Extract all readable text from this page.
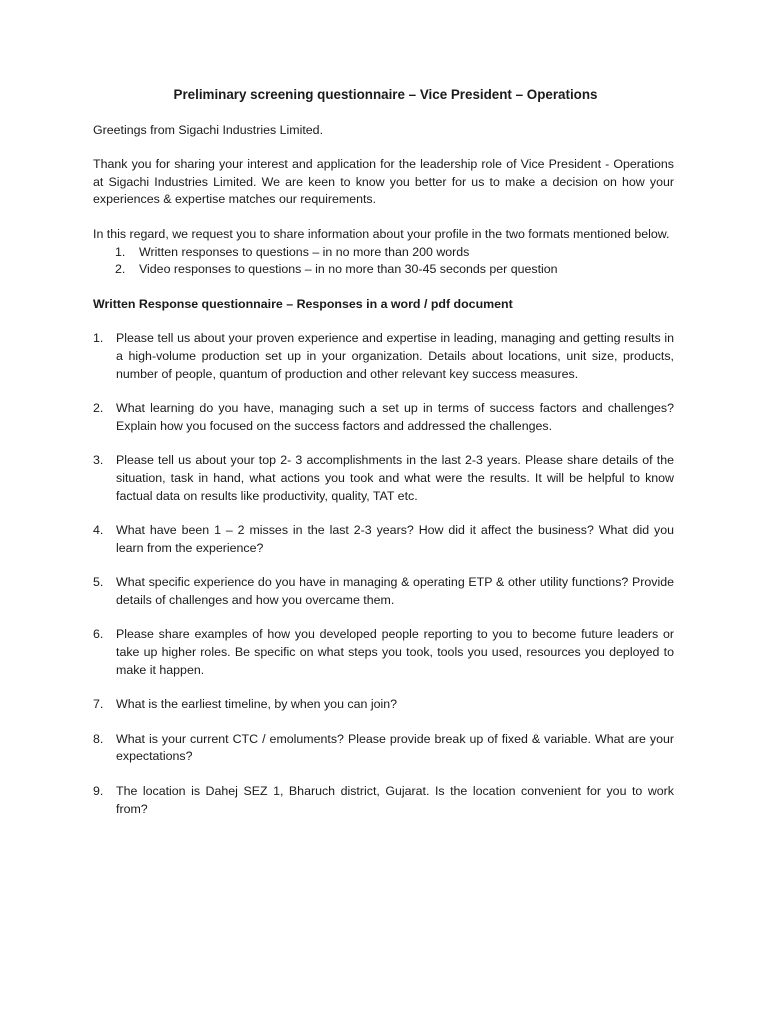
Preliminary screening questionnaire – Vice President – Operations

Greetings from Sigachi Industries Limited.

Thank you for sharing your interest and application for the leadership role of Vice President - Operations at Sigachi Industries Limited. We are keen to know you better for us to make a decision on how your experiences & expertise matches our requirements.

In this regard, we request you to share information about your profile in the two formats mentioned below.

1. Written responses to questions – in no more than 200 words
2. Video responses to questions – in no more than 30-45 seconds per question
Written Response questionnaire – Responses in a word / pdf document
1. Please tell us about your proven experience and expertise in leading, managing and getting results in a high-volume production set up in your organization. Details about locations, unit size, products, number of people, quantum of production and other relevant key success measures.
2. What learning do you have, managing such a set up in terms of success factors and challenges? Explain how you focused on the success factors and addressed the challenges.
3. Please tell us about your top 2- 3 accomplishments in the last 2-3 years. Please share details of the situation, task in hand, what actions you took and what were the results. It will be helpful to know factual data on results like productivity, quality, TAT etc.
4. What have been 1 – 2 misses in the last 2-3 years? How did it affect the business? What did you learn from the experience?
5. What specific experience do you have in managing & operating ETP & other utility functions? Provide details of challenges and how you overcame them.
6. Please share examples of how you developed people reporting to you to become future leaders or take up higher roles. Be specific on what steps you took, tools you used, resources you deployed to make it happen.
7. What is the earliest timeline, by when you can join?
8. What is your current CTC / emoluments? Please provide break up of fixed & variable. What are your expectations?
9. The location is Dahej SEZ 1, Bharuch district, Gujarat. Is the location convenient for you to work from?
